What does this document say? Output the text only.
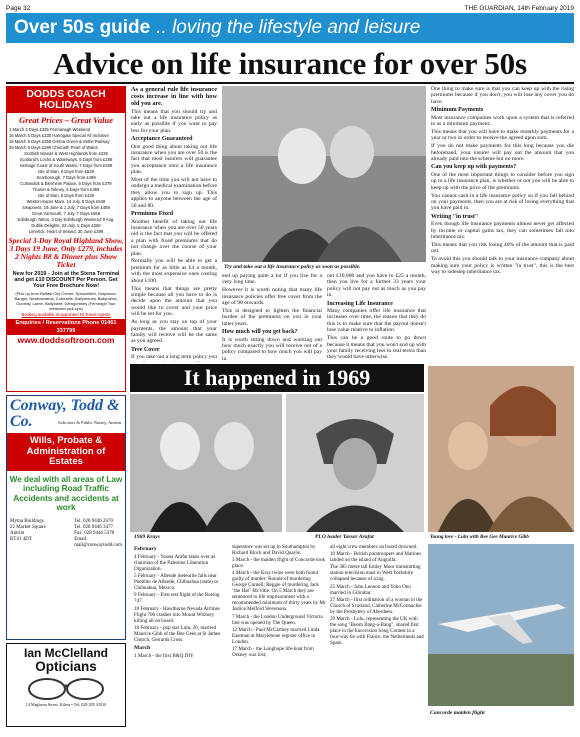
Page 32	THE GUARDIAN, 14th February 2019
Over 50s guide .. loving the lifestyle and leisure
Advice on life insurance for over 50s
DODDS COACH HOLIDAYS
Great Prices – Great Value
1 March 3 Days £335 Fermanagh Weekend
16 March 5 Days £330 Harrogate Special All Inclusive
16 March 5 Days £359 Gretna Green & Settle Railway
25 March 5 Days £289 Chiscieth Pearl of Wales
Scottish Islands & West Highlands from £329
Scotland's Lochs & Waterways, 5 Days from £289
Heritage Coast of South Wales, 7 Days from £509
Isle of Man, 6 Days from £539
Scarborough, 7 Days from £499
Cotswolds & Blenheim Palace, 5 Days from £379
Thanet & Orkney, 5 Days from £359
Isle of Man, 6 Days from £439
Weston-Super-Mare, 14 July, 8 Days £649
Swapness, 19 June & 1 July, 7 Days from £489
Great Yarmouth, 7 July, 7 Days £558
Edinburgh Tattoo, 3 Day Edinburgh Weekend 9 Aug.
Dublin Delights, 22 July, 5 Days £369
Limerick, Heart of Ireland, 30 June £399
Special 3-Day Royal Highland Show, 3 Days 19 June, Only £279, includes 2 Nights B8 & Dinner plus Show Ticket
New for 2019 - Join at the Stena Terminal and get £10 DISCOUNT Per Person. Get Your Free Brochure Now!
(Pick up from Belfast City Centre, Sprucefield, Holywood, Bangor, Newtownards, Coleraine, Ballymoney, Ballymena, Dunnilly, Larne, Ballyclare, Glengormley (Ferneagh Tour restricted pick-ups)
Booking available at appointed NI Travel Agents
Enquiries / Reservations Phone 01461 337799
www.doddsoftroon.com

As a general rule life insurance costs increase in line with how old you are.

This means that you should try and take out a life insurance policy as early as possible if you want to pay less for your plan.

Acceptance Guaranteed

One good thing about taking out life insurance when you are over 50 is the fact that most insurers will guarantee you acceptance onto a life insurance plan.

Most of the time you will not have to undergo a medical examination before they allow you to sign up. This applies to anyone between the age of 50 and 80.

Premiums Fixed

Another benefit of taking out life insurance when you are over 50 years old is the fact that you will be offered a plan with fixed premiums that do not change over the course of your plan.

Normally you will be able to get a premium for as little as £4 a month, with the most expensive ones costing about £100.

This means that things are pretty simple because all you have to do is decide upon the amount that you would like to cover and your price will be set for you.

As long as you stay on top of your payments, the amount that your family will receive will be the same as you agreed.

Tree Cover

If you take out a long term policy you

Try and take out a life insurance policy as soon as possible.

end up paying quite a lot if you live for a very long time.

However it is worth noting that many life insurance policies offer free cover from the age of 90 onwards.

This is designed to lighten the financial burden of the premiums on you in your latter years.

How much will you get back?

It is worth sitting down and working out how much exactly you will receive out of a policy compared to how much you will pay in.

out £10,000 and you have to £25 a month, then you live for a further 33 years your policy will not pay out as much as you pay in.

Increasing Life Insurance

Many companies offer life insurance that increases over time, the reason that they do this is to make sure that the payout doesn't lose value relative to inflation.

This can be a good route to go down because it means that you won't end up with your family receiving less in real terms than they would have otherwise.

One thing to make sure is that you can keep up with the rising premiums because if you don't, you will lose any cover you do have.

Minimum Payments

Most insurance companies work upon a system that is referred to as a minimum payment.

This means that you will have to make monthly payments for a year or two in order to receive the agreed upon sum.

If you do not make payments for this long because you die beforehand, your insurer will pay out the amount that you already paid into the scheme but no more.

Can you keep up with payments?

One of the most important things to consider before you sign up to a life insurance plan, is whether or not you will be able to keep up with the price of the premiums.

You cannot cash in a life insurance policy so if you fall behind on your payments, then you are at risk of losing everything that you have paid in.

Writing "in trust"

Even though life insurance payments almost never get affected by income or capital gains tax, they can sometimes fall into inheritance tax.

This means that you risk losing 40% of the amount that is paid out.

To avoid this you should talk to your insurance company about making sure your policy is written "in trust", this is the best way to sidestep inheritance tax.

Conway, Todd & Co.	Solicitors & Public Notary, Antrim
Wills, Probate & Administration of Estates
We deal with all areas of Law including Road Traffic Accidents and accidents at work
Mytna Buildings
22 Market Square
Antrim
BT41 4DT
Tel. 028 9446 2670
Tel. 028 9446 3477
Fax. 028 9446 5378
Email:
mail@conwaytodd.com
Ian McClelland
Opticians
14 Magheira Street, Kilrea • Tel: 028 295 41010
It happened in 1969
1969 Krays	PLO leader Yasser Arafat	Young love - Lulu with Bee Gee Maurice Gibb
February

4 February - Yasser Arafat takes over as chairman of the Palestine Liberation Organization.

5 February - Allende meteorite falls near Pueblito de Allende, Chihuahua (state) or Chihuahua, Mexico.

9 February - First test flight of the Boeing 747.

18 February - Hawthorne Nevada Airlines Flight 708 crashes into Mount Whitney killing all on board.

18 February - pop star Lulu, 20, married Maurice Gibb of the Bee Gees at St James Church, Gerrards Cross.

March

1 March - the first B&Q DIY

superstore was set up in Southampton by Richard Block and David Quayle.

3 March - the maiden flight of Concorde took place.

4 March - the Kray twins were both found guilty of murder: Ronnie of murdering George Cornell; Reggie of murdering Jack "the Hat" McVitie. On 5 March they are sentenced to life imprisonment with a recommended minimum of thirty years by Mr Justice Melford Stevenson.

7 March - the London Underground Victoria line was opened by The Queen.

12 March - Paul McCartney married Linda Eastman at Marylebone register office in London.

17 March - the Longhope life-boat from Orkney was lost,

all eight crew members on board drowned.

19 March - British paratroopers and Marines landed on the island of Anguilla.

The 385 metre tall Emley Moor transmitting station television mast in West Yorkshire collapsed because of icing.

25 March - John Lennon and Yoko Ono married in Gibraltar.

27 March - first ordination of a woman in the Church of Scotland, Catherine McConnachie by the Presbytery of Aberdeen.

29 March - Lulu, representing the UK with the song "Boom Bang-a-Bang", shared first place in the Eurovision Song Contest in a four-way tie with France, the Netherlands and Spain.

Concorde maiden flight
